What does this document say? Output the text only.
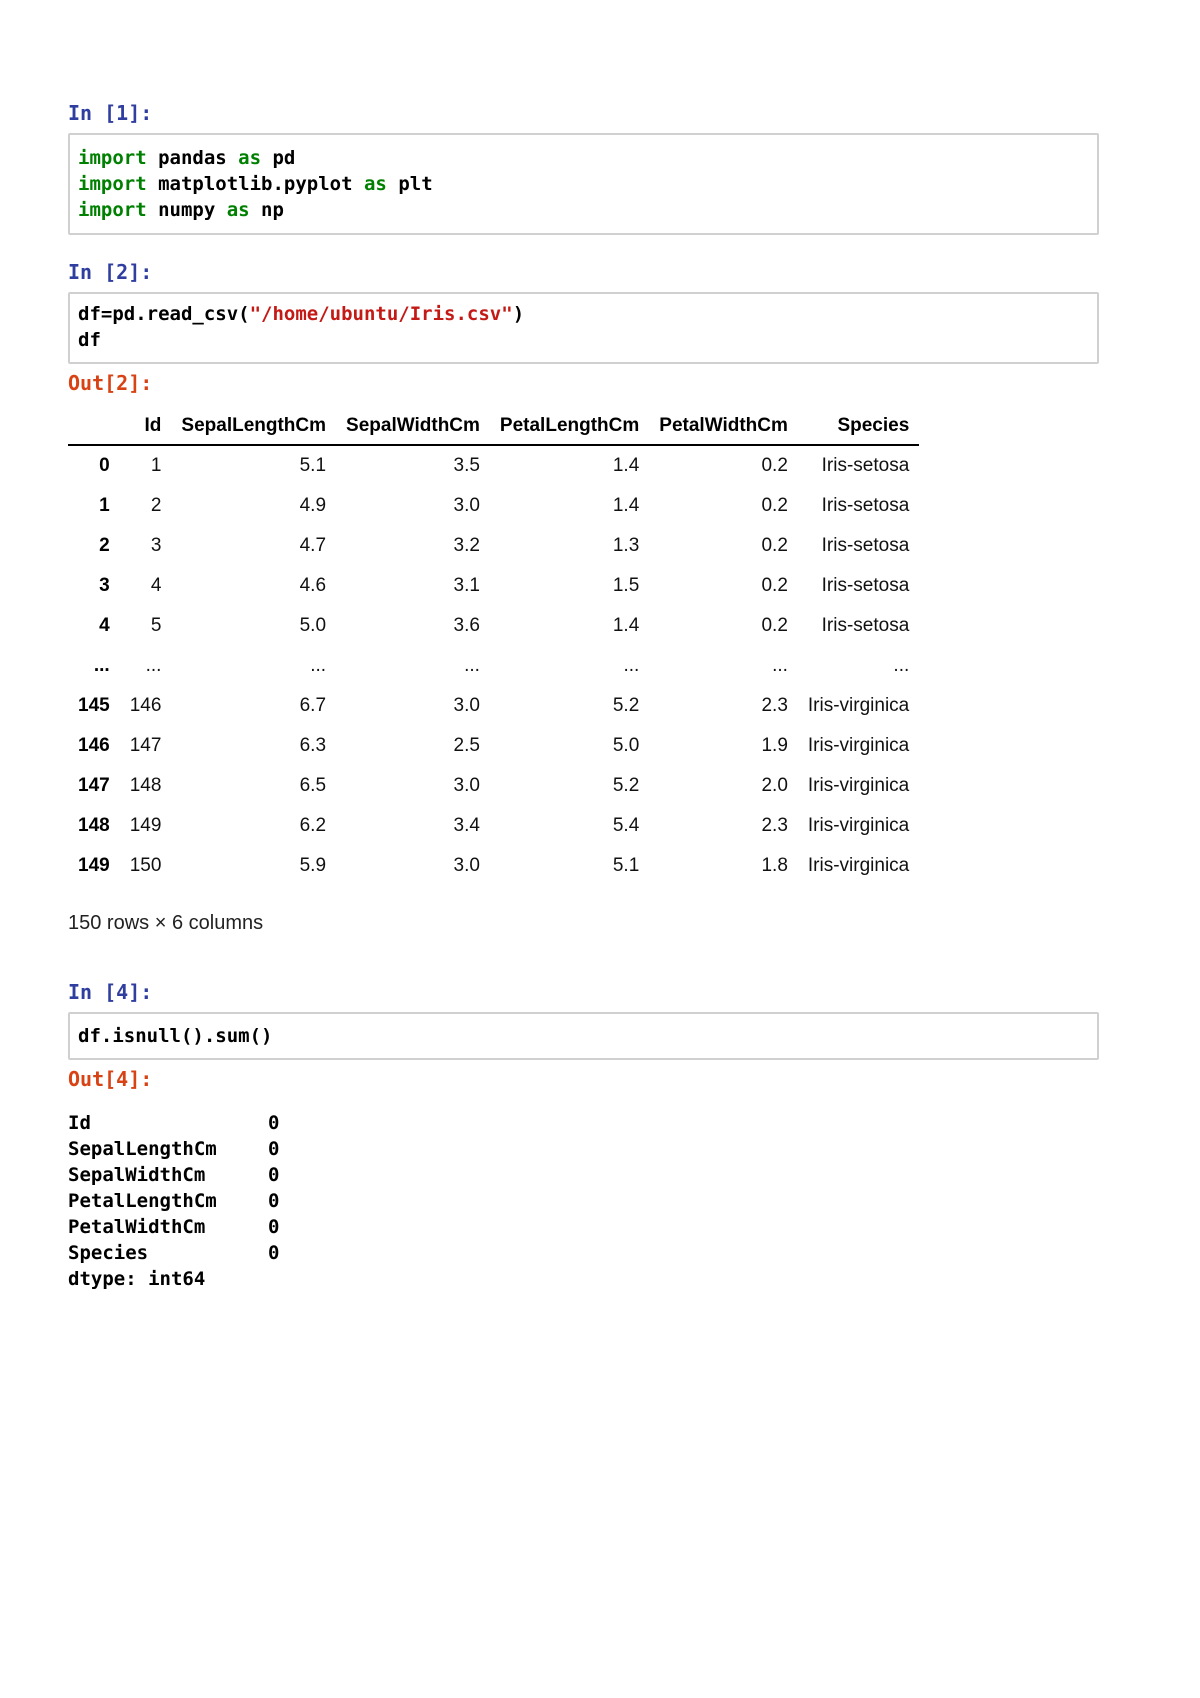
In [1]:
import pandas as pd
import matplotlib.pyplot as plt
import numpy as np
In [2]:
df=pd.read_csv("/home/ubuntu/Iris.csv")
df
Out[2]:
	Id	SepalLengthCm	SepalWidthCm	PetalLengthCm	PetalWidthCm	Species
0	1	5.1	3.5	1.4	0.2	Iris-setosa
1	2	4.9	3.0	1.4	0.2	Iris-setosa
2	3	4.7	3.2	1.3	0.2	Iris-setosa
3	4	4.6	3.1	1.5	0.2	Iris-setosa
4	5	5.0	3.6	1.4	0.2	Iris-setosa
...	...	...	...	...	...	...
145	146	6.7	3.0	5.2	2.3	Iris-virginica
146	147	6.3	2.5	5.0	1.9	Iris-virginica
147	148	6.5	3.0	5.2	2.0	Iris-virginica
148	149	6.2	3.4	5.4	2.3	Iris-virginica
149	150	5.9	3.0	5.1	1.8	Iris-virginica
150 rows × 6 columns
In [4]:
df.isnull().sum()
Out[4]:
Id	0
SepalLengthCm	0
SepalWidthCm	0
PetalLengthCm	0
PetalWidthCm	0
Species	0
dtype: int64
